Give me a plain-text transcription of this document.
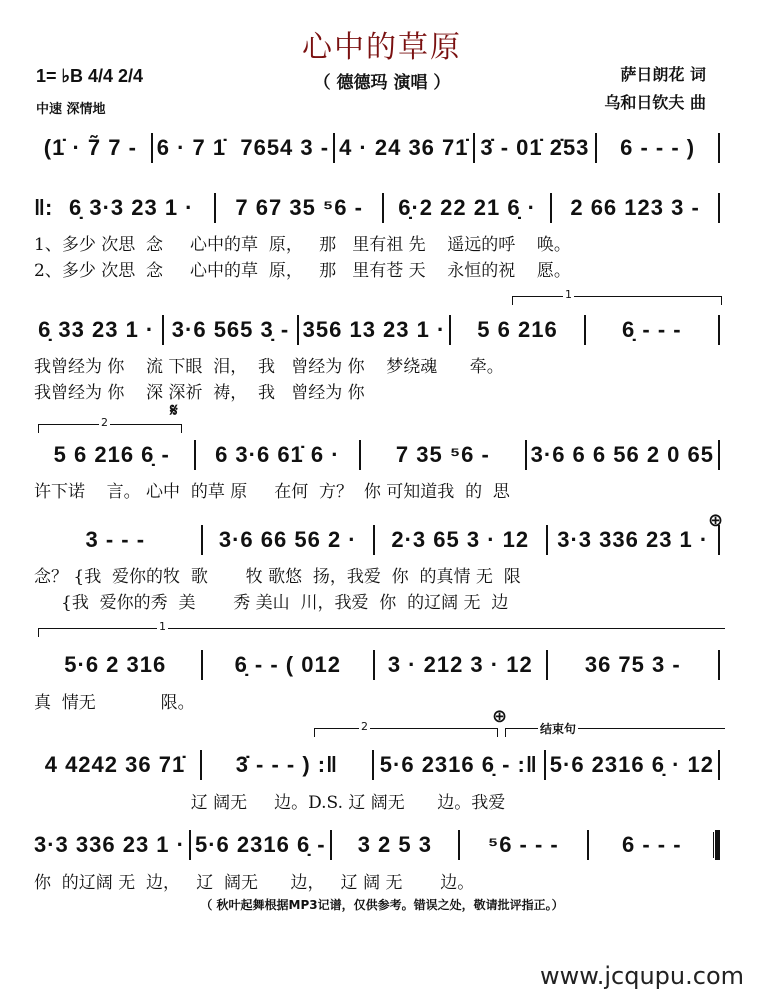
心中的草原
（ 德德玛 演唱 ）
1= ♭B 4/4 2/4
中速 深情地
萨日朗花 词
乌和日钦夫 曲
(1̇ · 7̃ 7 - 6 · 7 1̇  7654 3 - 4 · 24 36 71̇ 3̇ - 01̇ 2̇53	6 - - - )
‖: 6̣ 3·3 23 1 ·	7 67 35 ⁵6 -	6̣·2 22 21 6̣ ·	2 66 123 3 -
6̣ 33 23 1 · 3·6 565 3̣ - 356 13 23 1 ·	5 6 216	6̣ - - -
5 6 216 6̣ -	6 3·6 61̇ 6 ·	7 35 ⁵6 -	3·6 6 6 56 2 0 65
3 - - -	3·6 66 56 2 ·	2·3 65 3 · 12	3·3 336 23 1 ·
5·6 2 316	6̣ - - ( 012	3 · 212 3 · 12	36 75 3 -
4 4242 36 71̇	3̇ - - - ) :‖	5·6 2316 6̣ - :‖ 5·6 2316 6̣ · 12
3·3 336 23 1 · 5·6 2316 6̣ -	3 2 5 3	⁵6 - - -	6 - - -
1、多少 次思  念     心中的草  原，   那   里有祖 先    遥远的呼    唤。
2、多少 次思  念     心中的草  原，   那   里有苍 天    永恒的祝    愿。
我曾经为 你    流 下眼  泪，  我   曾经为 你    梦绕魂      牵。
我曾经为 你    深 深祈  祷，  我   曾经为 你
许下诺    言。 心中  的草 原     在何  方？  你 可知道我  的  思
念？ {我  爱你的牧  歌       牧 歌悠  扬，我爱  你  的真情 无  限
{我  爱你的秀  美       秀 美山  川，我爱  你  的辽阔 无  边
真  情无            限。
辽 阔无     边。D.S. 辽 阔无      边。我爱
你  的辽阔 无  边，   辽  阔无      边，   辽 阔 无       边。
1
2
𝄋
⊕
1
2	⊕
结束句
（ 秋叶起舞根据MP3记谱，仅供参考。错误之处，敬请批评指正。）
www.jcqupu.com
